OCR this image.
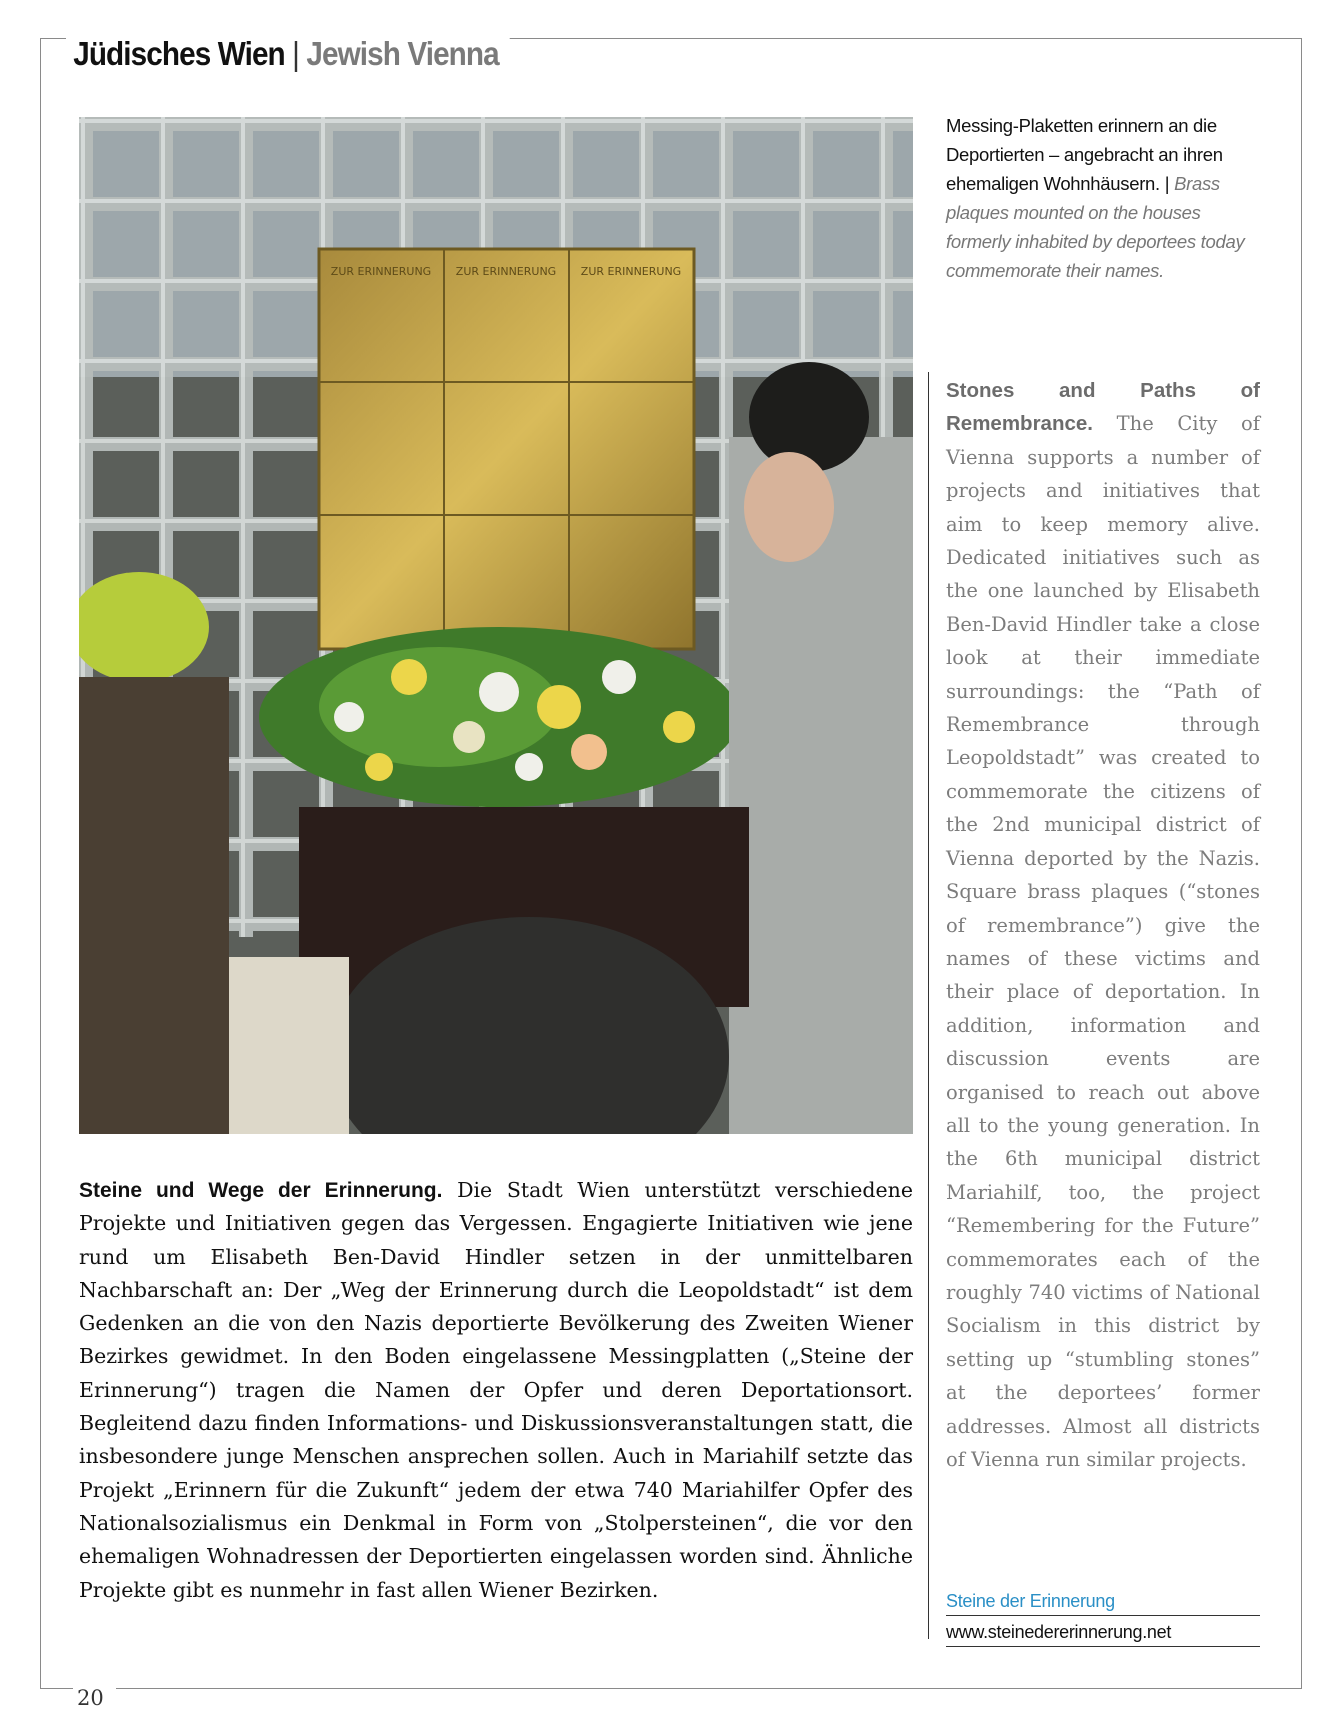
Jüdisches Wien | Jewish Vienna
ZUR ERINNERUNG ZUR ERINNERUNG ZUR ERINNERUNG
Messing-Plaketten erinnern an die Deportierten – angebracht an ihren ehemaligen Wohnhäusern. | Brass plaques mounted on the houses formerly inhabited by deportees today commemorate their names.
Stones and Paths of Remembrance. The City of Vienna supports a number of projects and initiatives that aim to keep memory alive. Dedicated initiatives such as the one launched by Elisabeth Ben-David Hindler take a close look at their immediate surroundings: the “Path of Remembrance through Leopoldstadt” was created to commemorate the citizens of the 2nd municipal district of Vienna deported by the Nazis. Square brass plaques (“stones of remembrance”) give the names of these victims and their place of deportation. In addition, information and discussion events are organised to reach out above all to the young generation. In the 6th municipal district Mariahilf, too, the project “Remembering for the Future” commemorates each of the roughly 740 victims of National Socialism in this district by setting up “stumbling stones” at the deportees’ former addresses. Almost all districts of Vienna run similar projects.
Steine und Wege der Erinnerung. Die Stadt Wien unterstützt verschiedene Projekte und Initiativen gegen das Vergessen. Engagierte Initiativen wie jene rund um Elisabeth Ben-David Hindler setzen in der unmittelbaren Nachbarschaft an: Der „Weg der Erinnerung durch die Leopoldstadt“ ist dem Gedenken an die von den Nazis deportierte Bevölkerung des Zweiten Wiener Bezirkes gewidmet. In den Boden eingelassene Messingplatten („Steine der Erinnerung“) tragen die Namen der Opfer und deren Deportationsort. Begleitend dazu finden Informations- und Diskussionsveranstaltungen statt, die insbesondere junge Menschen ansprechen sollen. Auch in Mariahilf setzte das Projekt „Erinnern für die Zukunft“ jedem der etwa 740 Mariahilfer Opfer des Nationalsozialismus ein Denkmal in Form von „Stolpersteinen“, die vor den ehemaligen Wohnadressen der Deportierten eingelassen worden sind. Ähnliche Projekte gibt es nunmehr in fast allen Wiener Bezirken.	Steine der Erinnerung
www.steinedererinnerung.net
20
